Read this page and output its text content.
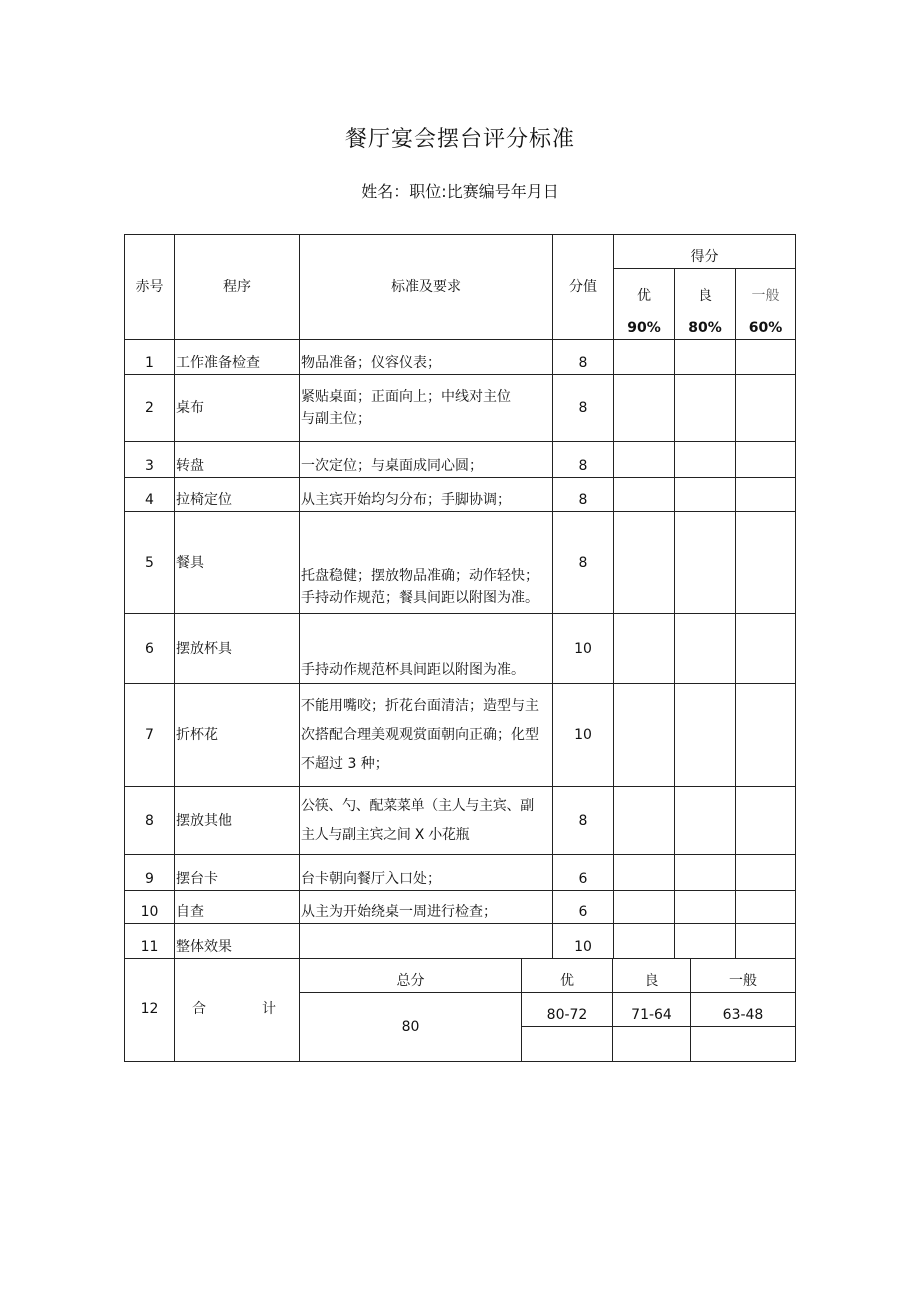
餐厅宴会摆台评分标准
姓名：职位:比赛编号年月日
赤号	程序	标准及要求	分值	得分		
				优	良	一般
				90%	80%	60%
1	工作准备检查	物品准备；仪容仪表；	8			
2	桌布	紧贴桌面；正面向上；中线对主位
与副主位；	8			
3	转盘	一次定位；与桌面成同心圆；	8			
4	拉椅定位	从主宾开始均匀分布；手脚协调；	8			
5	餐具	托盘稳健；摆放物品准确；动作轻快；
手持动作规范；餐具间距以附图为准。	8			
6	摆放杯具	手持动作规范杯具间距以附图为准。	10			
7	折杯花	不能用嘴咬；折花台面清洁；造型与主
次搭配合理美观观赏面朝向正确；化型
不超过 3 种；	10			
8	摆放其他	公筷、勺、配菜菜单（主人与主宾、副
主人与副主宾之间 X 小花瓶	8			
9	摆台卡	台卡朝向餐厅入口处；	6			
10	自查	从主为开始绕桌一周进行检查；	6			
11	整体效果		10			
12	合 计	总分	优	良	一般
		80	80-72	71-64	63-48
